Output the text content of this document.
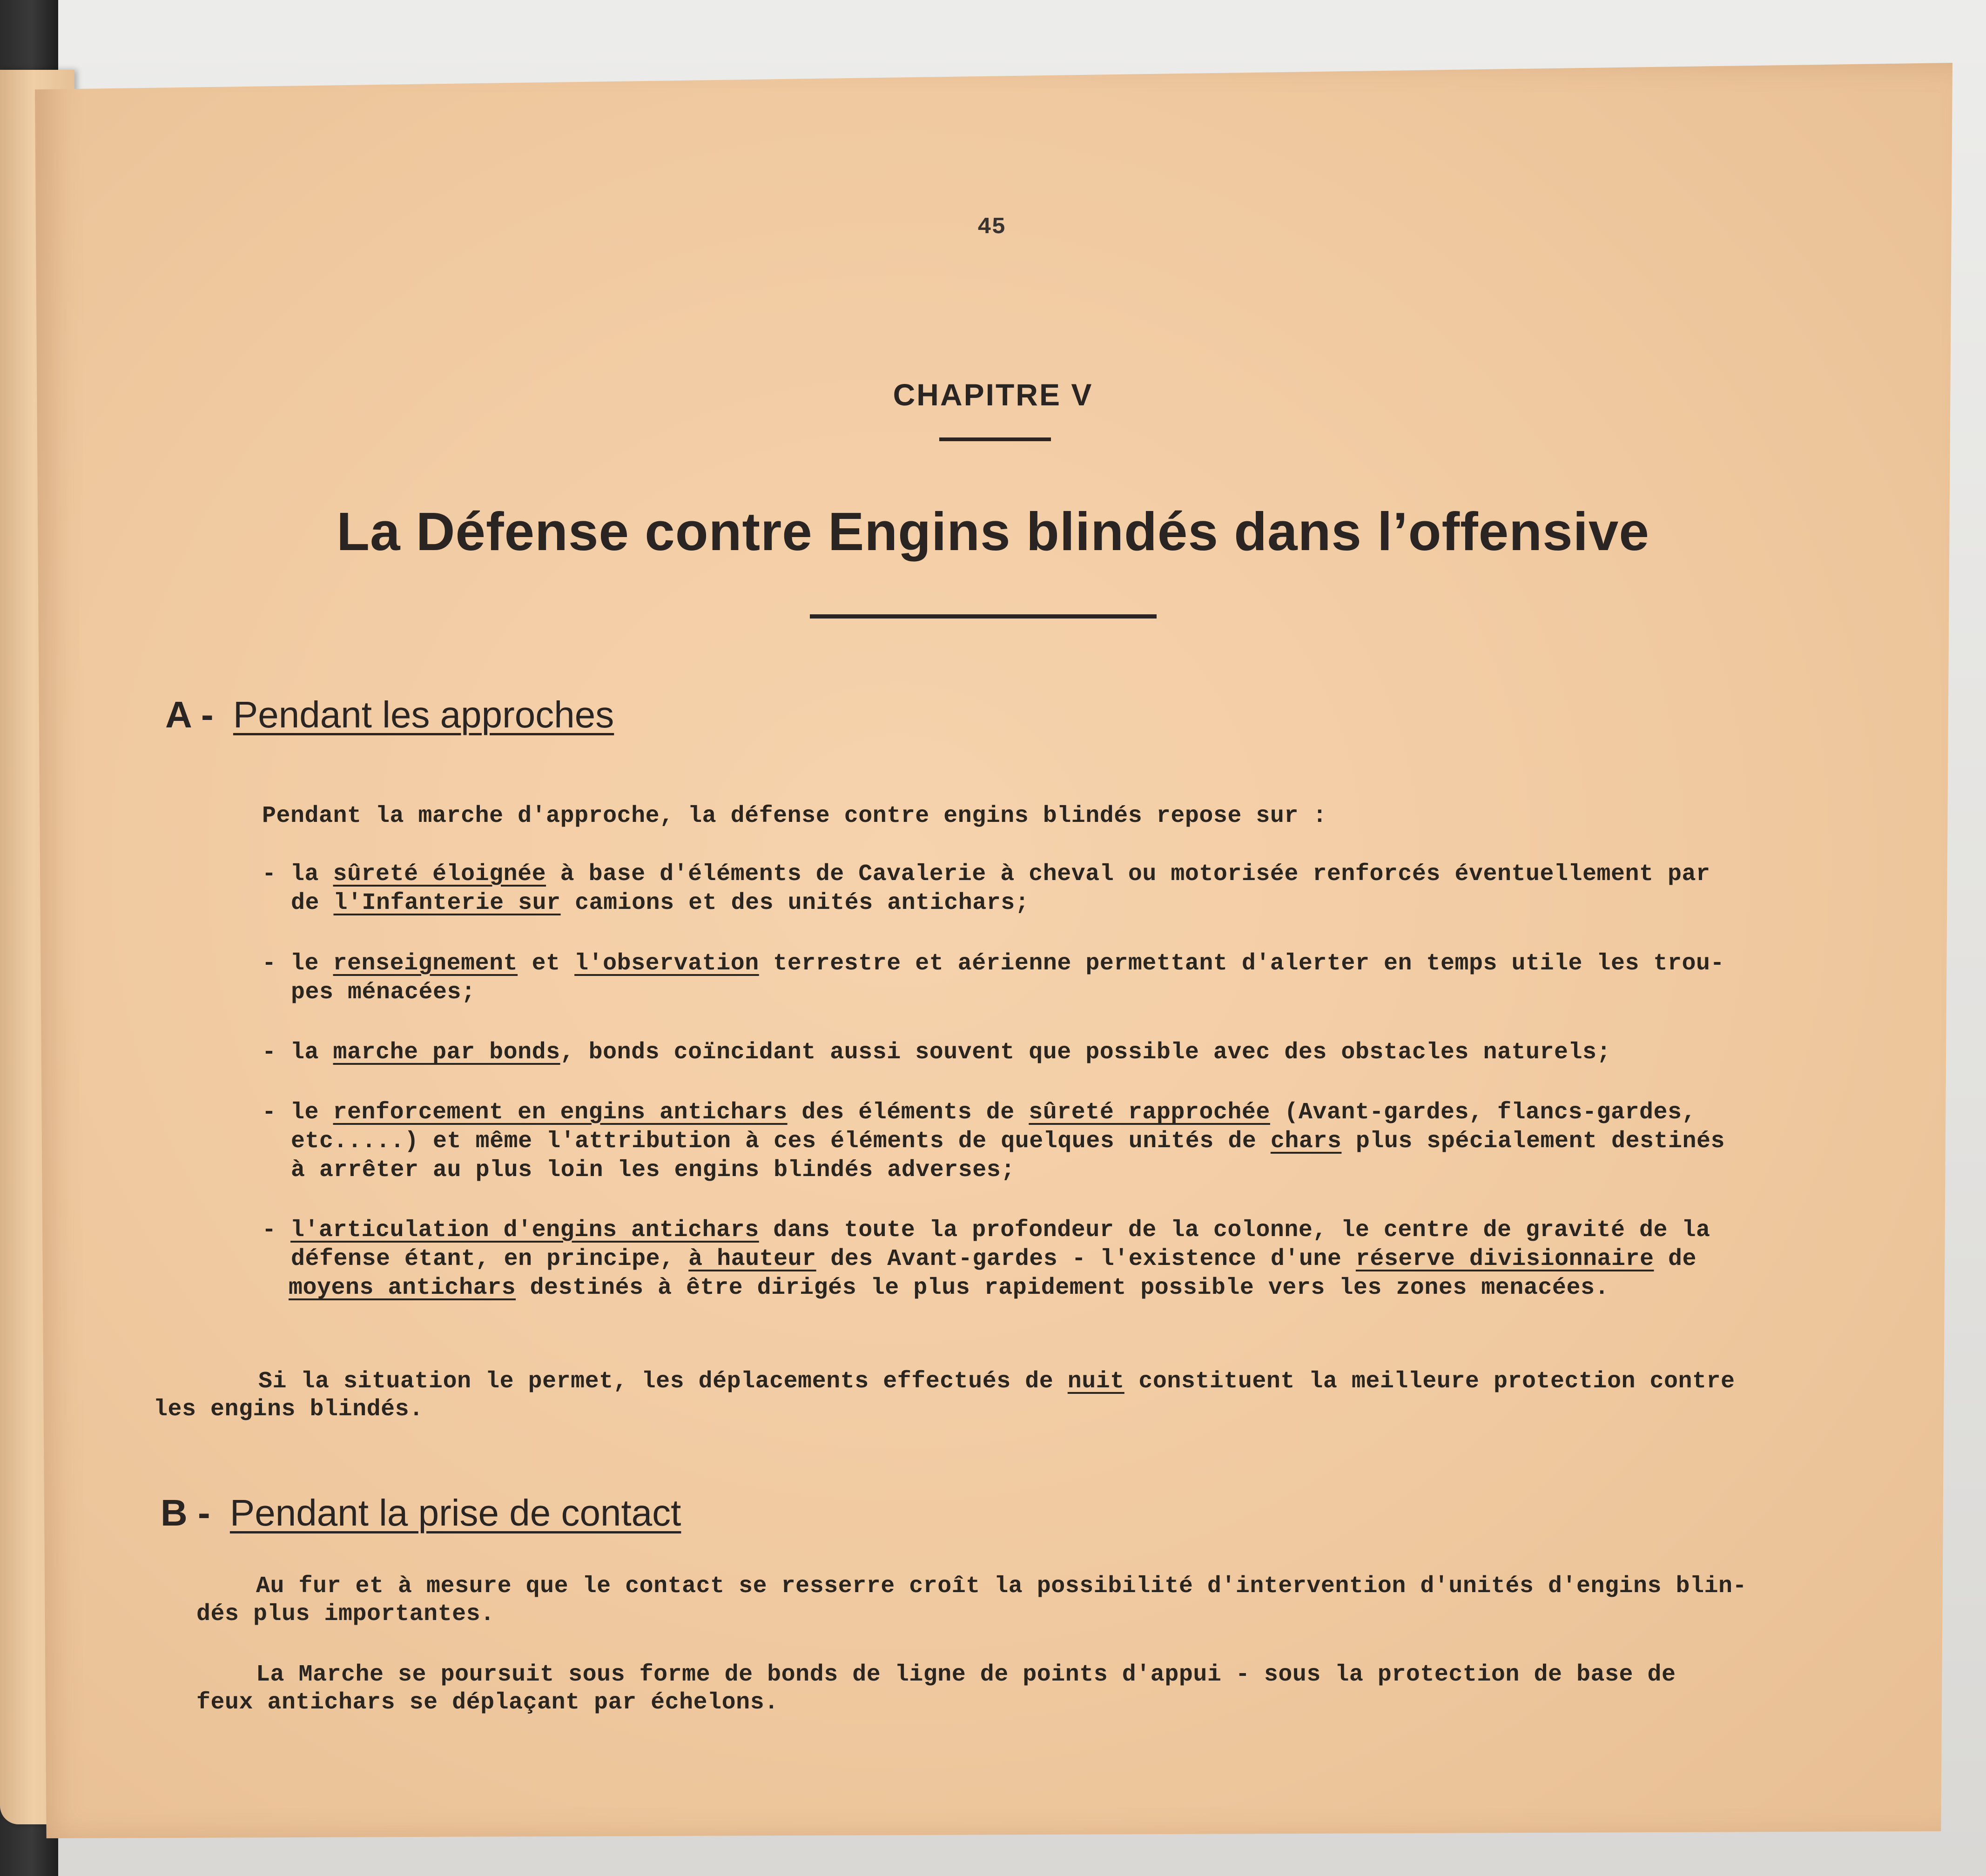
45
CHAPITRE V
La Défense contre Engins blindés dans l’offensive
A - Pendant les approches
Pendant la marche d'approche, la défense contre engins blindés repose sur :
- la sûreté éloignée à base d'éléments de Cavalerie à cheval ou motorisée renforcés éventuellement par
de l'Infanterie sur camions et des unités antichars;
- le renseignement et l'observation terrestre et aérienne permettant d'alerter en temps utile les trou-
pes ménacées;
- la marche par bonds, bonds coïncidant aussi souvent que possible avec des obstacles naturels;
- le renforcement en engins antichars des éléments de sûreté rapprochée (Avant-gardes, flancs-gardes,
etc.....) et même l'attribution à ces éléments de quelques unités de chars plus spécialement destinés
à arrêter au plus loin les engins blindés adverses;
- l'articulation d'engins antichars dans toute la profondeur de la colonne, le centre de gravité de la
défense étant, en principe, à hauteur des Avant-gardes - l'existence d'une réserve divisionnaire de
moyens antichars destinés à être dirigés le plus rapidement possible vers les zones menacées.
Si la situation le permet, les déplacements effectués de nuit constituent la meilleure protection contre
les engins blindés.
B - Pendant la prise de contact
Au fur et à mesure que le contact se resserre croît la possibilité d'intervention d'unités d'engins blin-
dés plus importantes.
La Marche se poursuit sous forme de bonds de ligne de points d'appui - sous la protection de base de
feux antichars se déplaçant par échelons.
